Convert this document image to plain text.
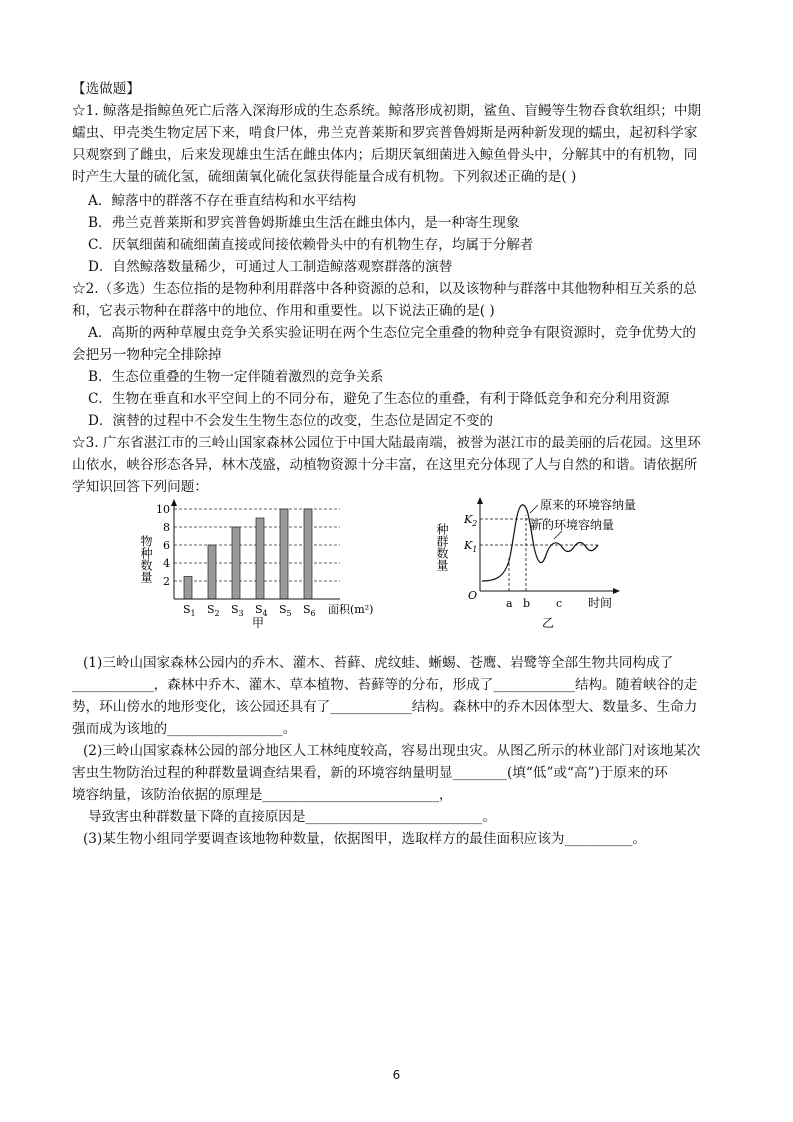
【选做题】
☆1. 鲸落是指鲸鱼死亡后落入深海形成的生态系统。鲸落形成初期，鲨鱼、盲鳗等生物吞食软组织；中期
蠕虫、甲壳类生物定居下来，啃食尸体，弗兰克普莱斯和罗宾普鲁姆斯是两种新发现的蠕虫，起初科学家
只观察到了雌虫，后来发现雄虫生活在雌虫体内；后期厌氧细菌进入鲸鱼骨头中，分解其中的有机物，同
时产生大量的硫化氢，硫细菌氧化硫化氢获得能量合成有机物。下列叙述正确的是( )
A．鲸落中的群落不存在垂直结构和水平结构
B．弗兰克普莱斯和罗宾普鲁姆斯雄虫生活在雌虫体内，是一种寄生现象
C．厌氧细菌和硫细菌直接或间接依赖骨头中的有机物生存，均属于分解者
D．自然鲸落数量稀少，可通过人工制造鲸落观察群落的演替
☆2.（多选）生态位指的是物种利用群落中各种资源的总和，以及该物种与群落中其他物种相互关系的总
和，它表示物种在群落中的地位、作用和重要性。以下说法正确的是( )
A．高斯的两种草履虫竞争关系实验证明在两个生态位完全重叠的物种竞争有限资源时，竞争优势大的
会把另一物种完全排除掉
B．生态位重叠的生物一定伴随着激烈的竞争关系
C．生物在垂直和水平空间上的不同分布，避免了生态位的重叠，有利于降低竞争和充分利用资源
D．演替的过程中不会发生生物生态位的改变，生态位是固定不变的
☆3. 广东省湛江市的三岭山国家森林公园位于中国大陆最南端，被誉为湛江市的最美丽的后花园。这里环
山依水，峡谷形态各异，林木茂盛，动植物资源十分丰富，在这里充分体现了人与自然的和谐。请依据所
学知识回答下列问题：
10
8
6
4
2
$S_1$ $S_2$ $S_3$ $S_4$ $S_5$ $S_6$
物种数量
面积(m²)
甲
原来的环境容纳量
新的环境容纳量
$K_2$
$K_1$
O
a b c 时间
种群数量
乙
(1)三岭山国家森林公园内的乔木、灌木、苔藓、虎纹蛙、蜥蜴、苍鹰、岩鹭等全部生物共同构成了
____________，森林中乔木、灌木、草本植物、苔藓等的分布，形成了____________结构。随着峡谷的走
势，环山傍水的地形变化，该公园还具有了____________结构。森林中的乔木因体型大、数量多、生命力
强而成为该地的_________________。
(2)三岭山国家森林公园的部分地区人工林纯度较高，容易出现虫灾。从图乙所示的林业部门对该地某次
害虫生物防治过程的种群数量调查结果看，新的环境容纳量明显________(填“低”或“高”)于原来的环
境容纳量，该防治依据的原理是__________________________，
导致害虫种群数量下降的直接原因是__________________________。
(3)某生物小组同学要调查该地物种数量，依据图甲，选取样方的最佳面积应该为__________。
6
